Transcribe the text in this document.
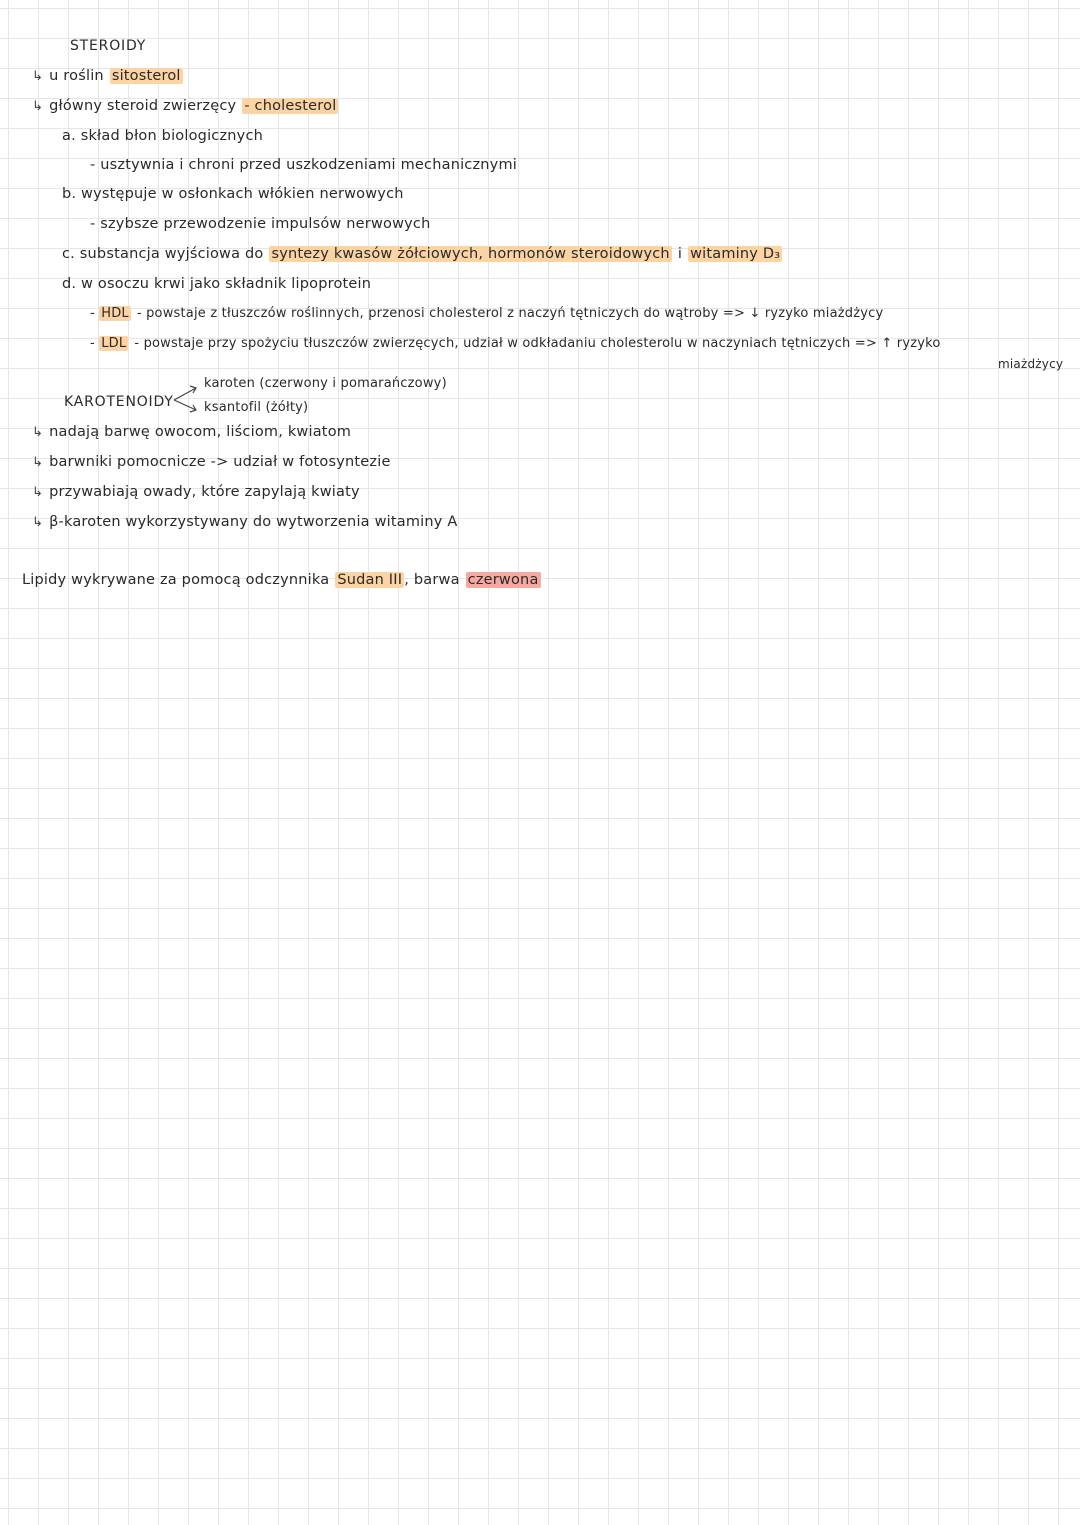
STEROIDY
↳ u roślin sitosterol
↳ główny steroid zwierzęcy - cholesterol
a. skład błon biologicznych
- usztywnia i chroni przed uszkodzeniami mechanicznymi
b. występuje w osłonkach włókien nerwowych
- szybsze przewodzenie impulsów nerwowych
c. substancja wyjściowa do syntezy kwasów żółciowych, hormonów steroidowych i witaminy D₃
d. w osoczu krwi jako składnik lipoprotein
- HDL - powstaje z tłuszczów roślinnych, przenosi cholesterol z naczyń tętniczych do wątroby => ↓ ryzyko miażdżycy
- LDL - powstaje przy spożyciu tłuszczów zwierzęcych, udział w odkładaniu cholesterolu w naczyniach tętniczych => ↑ ryzyko
miażdżycy
KAROTENOIDY
karoten (czerwony i pomarańczowy)
ksantofil (żółty)
↳ nadają barwę owocom, liściom, kwiatom
↳ barwniki pomocnicze -> udział w fotosyntezie
↳ przywabiają owady, które zapylają kwiaty
↳ β-karoten wykorzystywany do wytworzenia witaminy A
Lipidy wykrywane za pomocą odczynnika Sudan III , barwa czerwona
